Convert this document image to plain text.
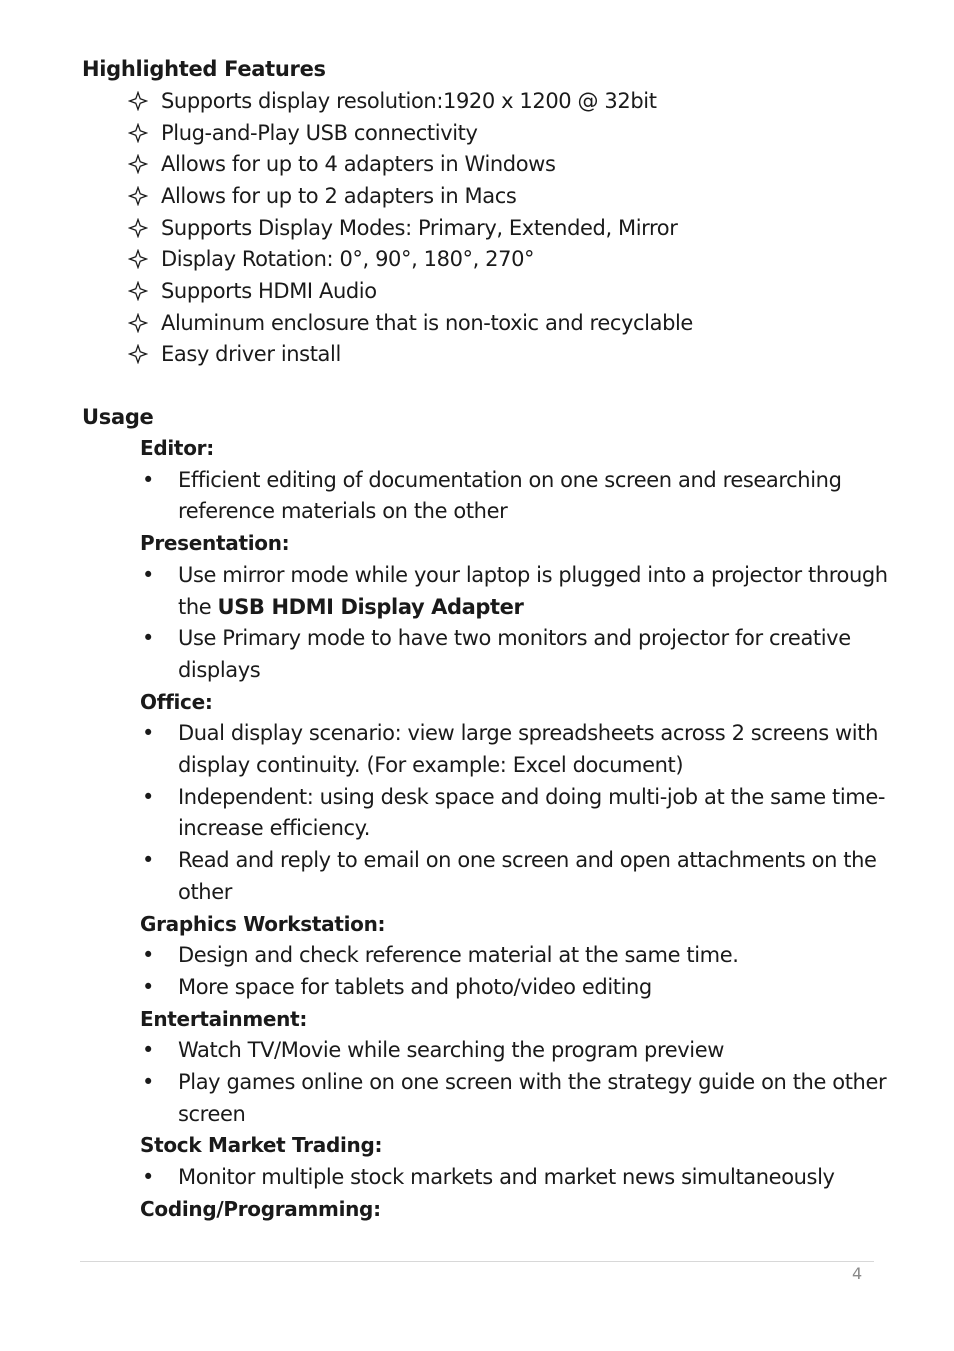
Highlighted Features
Supports display resolution:1920 x 1200 @ 32bit
Plug-and-Play USB connectivity
Allows for up to 4 adapters in Windows
Allows for up to 2 adapters in Macs
Supports Display Modes: Primary, Extended, Mirror
Display Rotation: 0°, 90°, 180°, 270°
Supports HDMI Audio
Aluminum enclosure that is non-toxic and recyclable
Easy driver install
Usage
Editor:
•	Efficient editing of documentation on one screen and researching reference materials on the other
Presentation:
•	Use mirror mode while your laptop is plugged into a projector through the USB HDMI Display Adapter
•	Use Primary mode to have two monitors and projector for creative displays
Office:
•	Dual display scenario: view large spreadsheets across 2 screens with display continuity. (For example: Excel document)
•	Independent: using desk space and doing multi-job at the same time- increase efficiency.
•	Read and reply to email on one screen and open attachments on the other
Graphics Workstation:
•	Design and check reference material at the same time.
•	More space for tablets and photo/video editing
Entertainment:
•	Watch TV/Movie while searching the program preview
•	Play games online on one screen with the strategy guide on the other screen
Stock Market Trading:
•	Monitor multiple stock markets and market news simultaneously
Coding/Programming:
4
